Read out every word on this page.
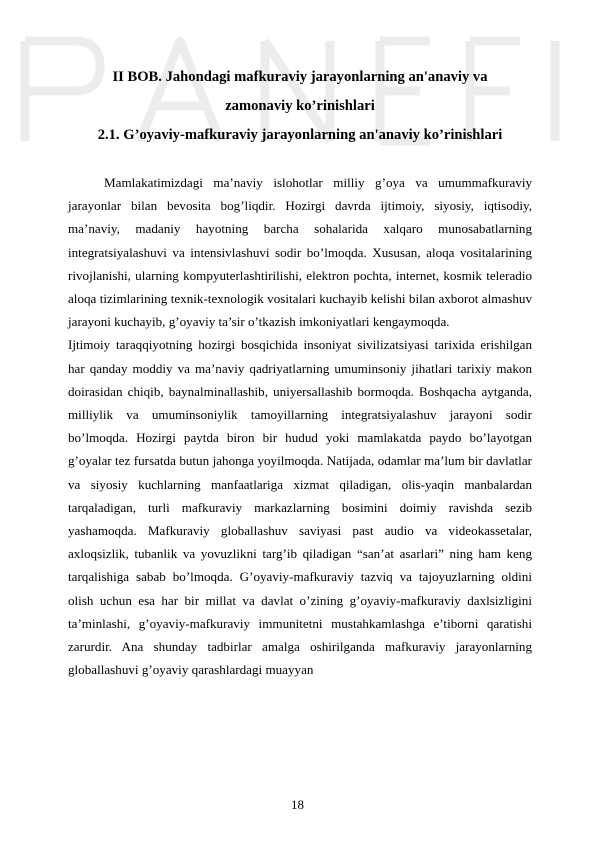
II BOB. Jahondagi mafkuraviy jarayonlarning an'anaviy va
zamonaviy ko’rinishlari
2.1. G’oyaviy-mafkuraviy jarayonlarning an'anaviy ko’rinishlari

Mamlakatimizdagi ma’naviy islohotlar milliy g’oya va umummafkuraviy jarayonlar bilan bevosita bog’liqdir. Hozirgi davrda ijtimoiy, siyosiy, iqtisodiy, ma’naviy, madaniy hayotning barcha sohalarida xalqaro munosabatlarning integratsiyalashuvi va intensivlashuvi sodir bo’lmoqda. Xususan, aloqa vositalarining rivojlanishi, ularning kompyuterlashtirilishi, elektron pochta, internet, kosmik teleradio aloqa tizimlarining texnik-texnologik vositalari kuchayib kelishi bilan axborot almashuv jarayoni kuchayib, g’oyaviy ta’sir o’tkazish imkoniyatlari kengaymoqda.

Ijtimoiy taraqqiyotning hozirgi bosqichida insoniyat sivilizatsiyasi tarixida erishilgan har qanday moddiy va ma’naviy qadriyatlarning umuminsoniy jihatlari tarixiy makon doirasidan chiqib, baynalminallashib, uniyersallashib bormoqda. Boshqacha aytganda, milliylik va umuminsoniylik tamoyillarning integratsiyalashuv jarayoni sodir bo’lmoqda. Hozirgi paytda biron bir hudud yoki mamlakatda paydo bo’layotgan g’oyalar tez fursatda butun jahonga yoyilmoqda. Natijada, odamlar ma’lum bir davlatlar va siyosiy kuchlarning manfaatlariga xizmat qiladigan, olis-yaqin manbalardan tarqaladigan, turli mafkuraviy markazlarning bosimini doimiy ravishda sezib yashamoqda. Mafkuraviy globallashuv saviyasi past audio va videokassetalar, axloqsizlik, tubanlik va yovuzlikni targ’ib qiladigan “san’at asarlari” ning ham keng tarqalishiga sabab bo’lmoqda. G’oyaviy-mafkuraviy tazviq va tajoyuzlarning oldini olish uchun esa har bir millat va davlat o’zining g’oyaviy-mafkuraviy daxlsizligini ta’minlashi, g’oyaviy-mafkuraviy immunitetni mustahkamlashga e’tiborni qaratishi zarurdir. Ana shunday tadbirlar amalga oshirilganda mafkuraviy jarayonlarning globallashuvi g’oyaviy qarashlardagi muayyan

18
